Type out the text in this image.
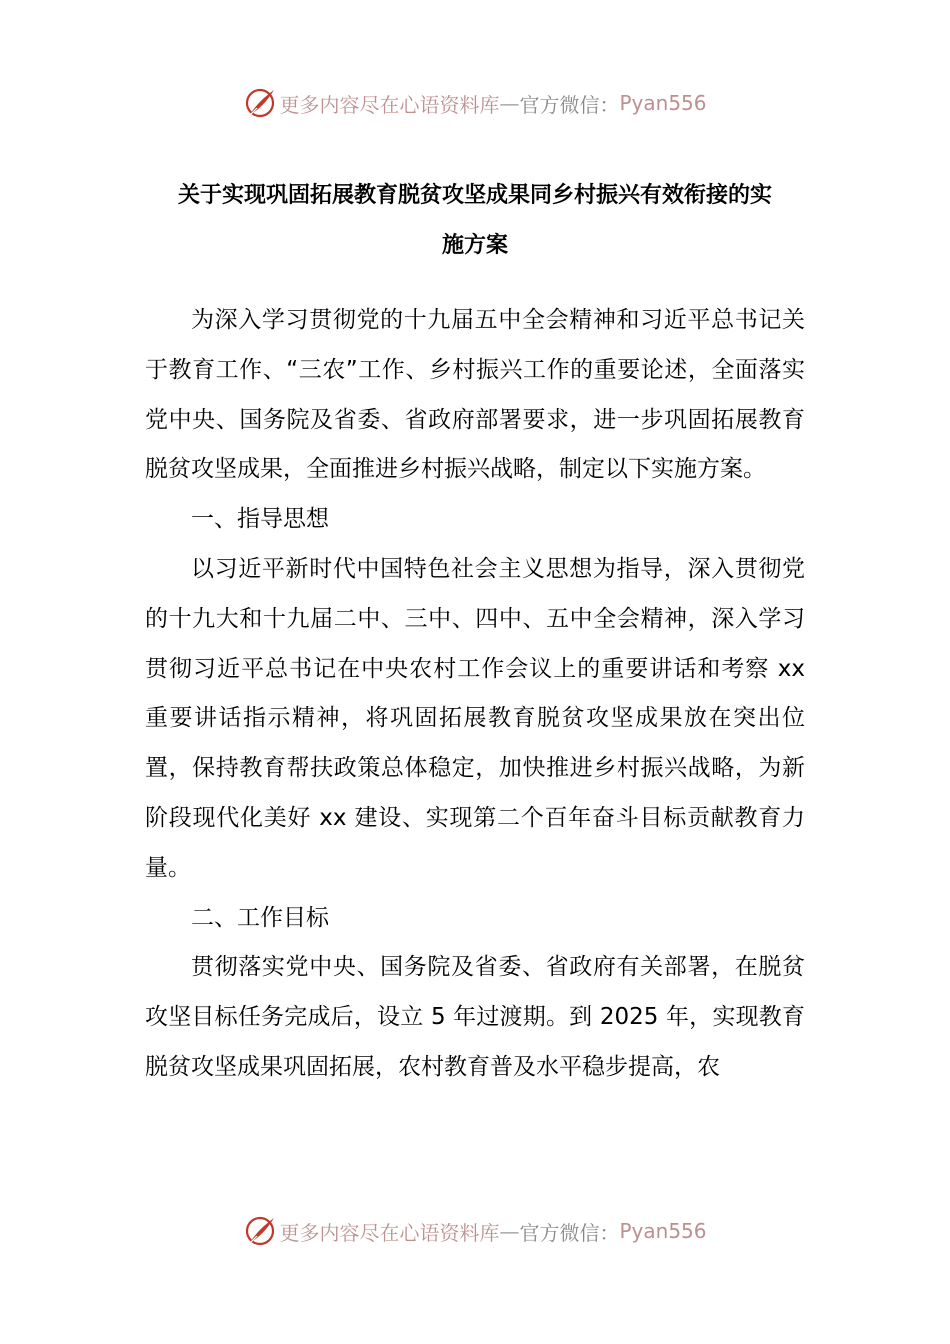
更多内容尽在心语资料库 — 官方微信： Pyan556
关于实现巩固拓展教育脱贫攻坚成果同乡村振兴有效衔接的实
施方案

为深入学习贯彻党的十九届五中全会精神和习近平总书记关于教育工作、“三农”工作、乡村振兴工作的重要论述，全面落实党中央、国务院及省委、省政府部署要求，进一步巩固拓展教育脱贫攻坚成果，全面推进乡村振兴战略，制定以下实施方案。

一、指导思想

以习近平新时代中国特色社会主义思想为指导，深入贯彻党的十九大和十九届二中、三中、四中、五中全会精神，深入学习贯彻习近平总书记在中央农村工作会议上的重要讲话和考察 xx 重要讲话指示精神，将巩固拓展教育脱贫攻坚成果放在突出位置，保持教育帮扶政策总体稳定，加快推进乡村振兴战略，为新阶段现代化美好 xx 建设、实现第二个百年奋斗目标贡献教育力量。

二、工作目标

贯彻落实党中央、国务院及省委、省政府有关部署，在脱贫攻坚目标任务完成后，设立 5 年过渡期。到 2025 年，实现教育脱贫攻坚成果巩固拓展，农村教育普及水平稳步提高，农

更多内容尽在心语资料库 — 官方微信： Pyan556
